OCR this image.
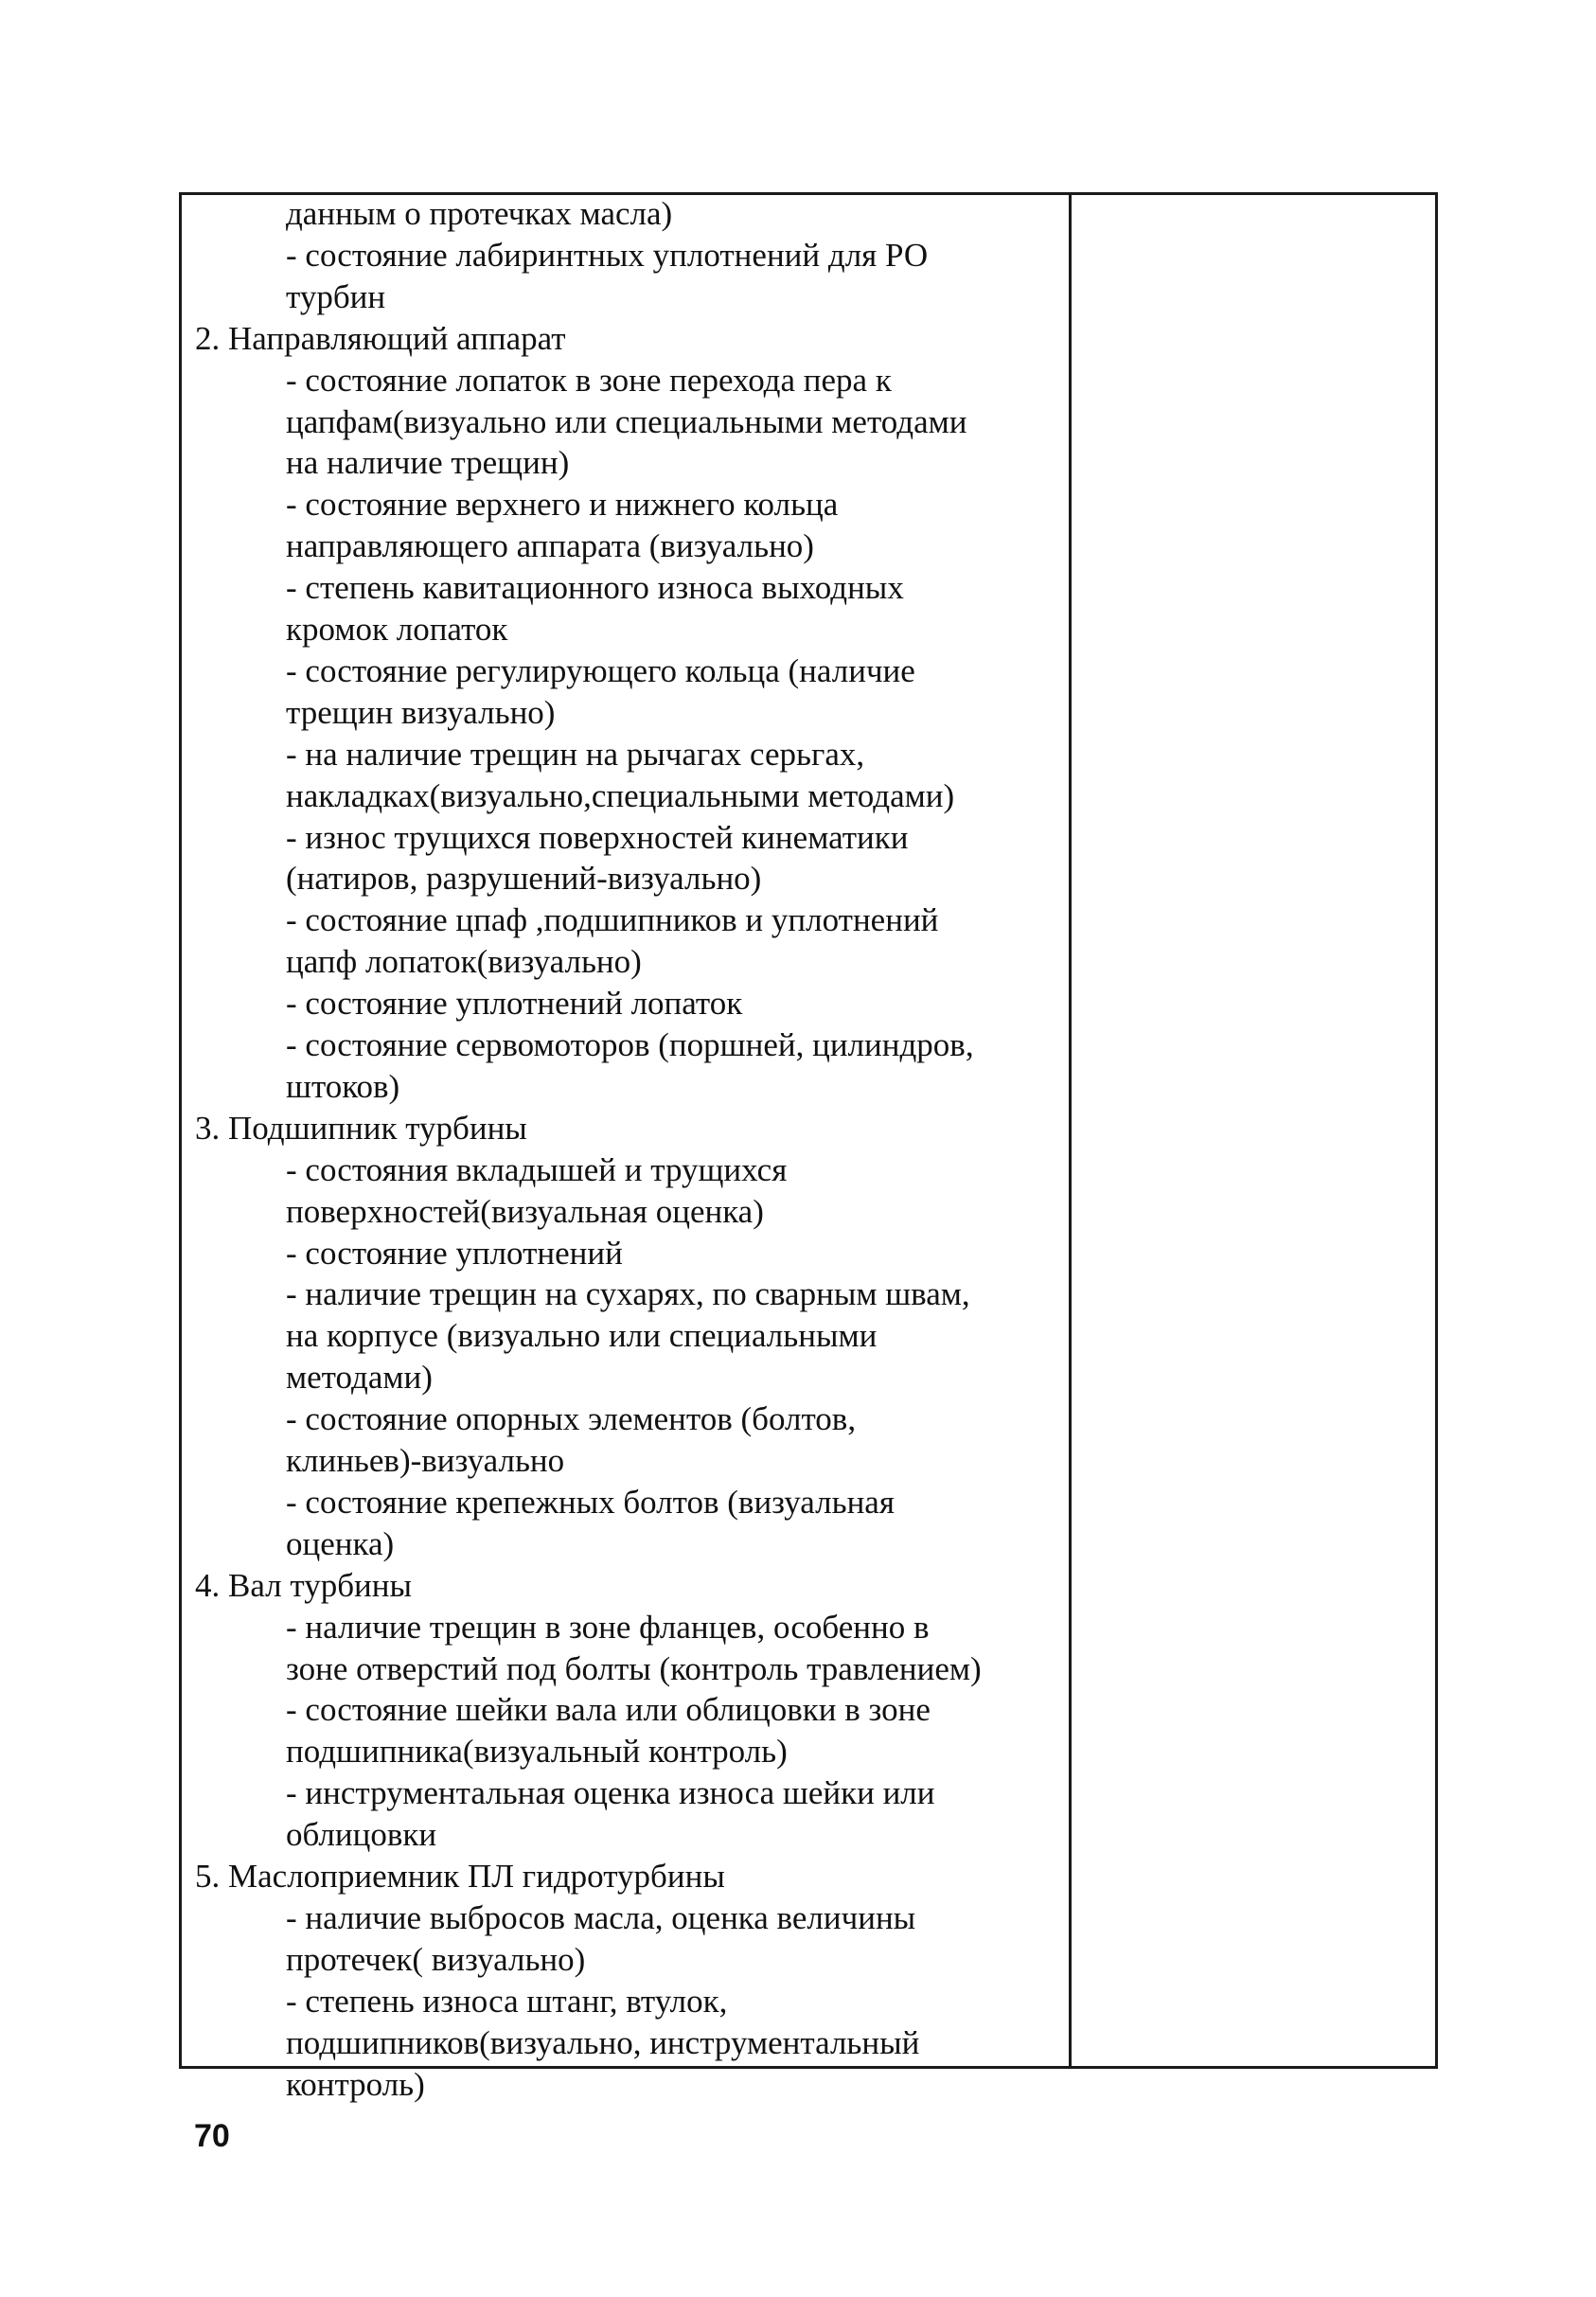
данным о протечках масла)
- состояние лабиринтных уплотнений для РО
турбин
2. Направляющий аппарат
- состояние лопаток в зоне перехода пера к
цапфам(визуально или специальными методами
на наличие трещин)
- состояние верхнего и нижнего кольца
направляющего аппарата (визуально)
- степень кавитационного износа выходных
кромок лопаток
- состояние регулирующего кольца (наличие
трещин визуально)
- на наличие трещин на рычагах серьгах,
накладках(визуально,специальными методами)
- износ трущихся поверхностей кинематики
(натиров, разрушений-визуально)
- состояние цпаф ,подшипников и уплотнений
цапф лопаток(визуально)
- состояние уплотнений лопаток
- состояние сервомоторов (поршней, цилиндров,
штоков)
3. Подшипник турбины
- состояния вкладышей и трущихся
поверхностей(визуальная оценка)
- состояние уплотнений
- наличие трещин на сухарях, по сварным швам,
на корпусе (визуально или специальными
методами)
- состояние опорных элементов (болтов,
клиньев)-визуально
- состояние крепежных болтов (визуальная
оценка)
4. Вал турбины
- наличие трещин в зоне фланцев, особенно в
зоне отверстий под болты (контроль травлением)
- состояние шейки вала или облицовки в зоне
подшипника(визуальный контроль)
- инструментальная оценка износа шейки или
облицовки
5. Маслоприемник ПЛ гидротурбины
- наличие выбросов масла, оценка величины
протечек( визуально)
- степень износа штанг, втулок,
подшипников(визуально, инструментальный
контроль)
70
